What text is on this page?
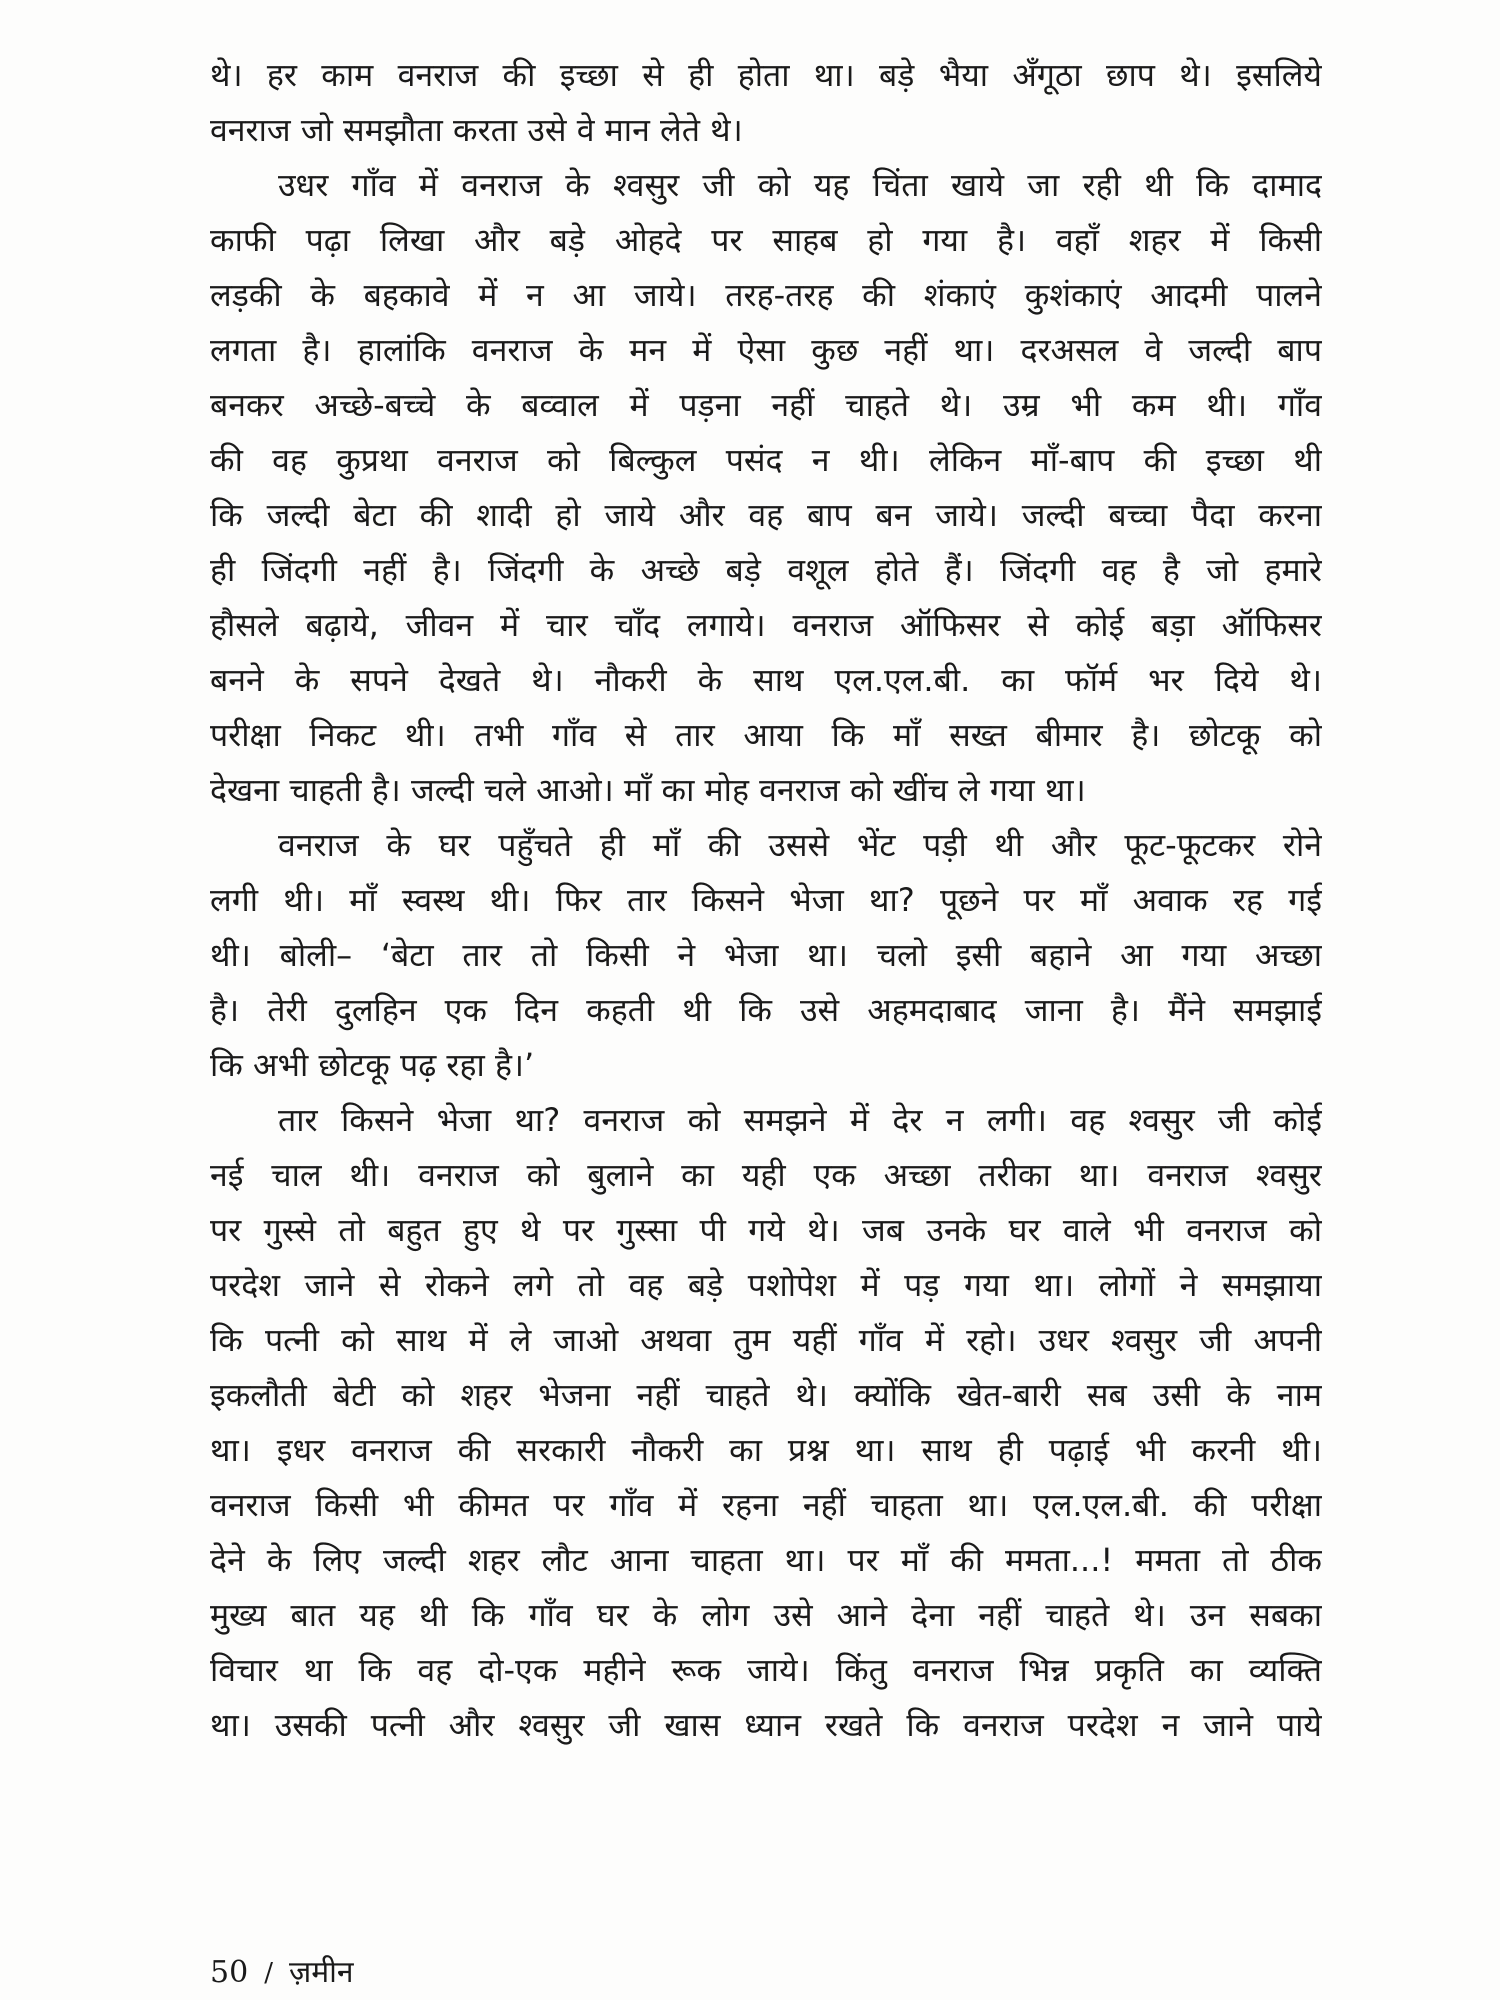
थे। हर काम वनराज की इच्छा से ही होता था। बड़े भैया अँगूठा छाप थे। इसलिये
वनराज जो समझौता करता उसे वे मान लेते थे।
उधर गाँव में वनराज के श्वसुर जी को यह चिंता खाये जा रही थी कि दामाद
काफी पढ़ा लिखा और बड़े ओहदे पर साहब हो गया है। वहाँ शहर में किसी
लड़की के बहकावे में न आ जाये। तरह-तरह की शंकाएं कुशंकाएं आदमी पालने
लगता है। हालांकि वनराज के मन में ऐसा कुछ नहीं था। दरअसल वे जल्दी बाप
बनकर अच्छे-बच्चे के बव्वाल में पड़ना नहीं चाहते थे। उम्र भी कम थी। गाँव
की वह कुप्रथा वनराज को बिल्कुल पसंद न थी। लेकिन माँ-बाप की इच्छा थी
कि जल्दी बेटा की शादी हो जाये और वह बाप बन जाये। जल्दी बच्चा पैदा करना
ही जिंदगी नहीं है। जिंदगी के अच्छे बड़े वशूल होते हैं। जिंदगी वह है जो हमारे
हौसले बढ़ाये, जीवन में चार चाँद लगाये। वनराज ऑफिसर से कोई बड़ा ऑफिसर
बनने के सपने देखते थे। नौकरी के साथ एल.एल.बी. का फॉर्म भर दिये थे।
परीक्षा निकट थी। तभी गाँव से तार आया कि माँ सख्त बीमार है। छोटकू को
देखना चाहती है। जल्दी चले आओ। माँ का मोह वनराज को खींच ले गया था।
वनराज के घर पहुँचते ही माँ की उससे भेंट पड़ी थी और फूट-फूटकर रोने
लगी थी। माँ स्वस्थ थी। फिर तार किसने भेजा था? पूछने पर माँ अवाक रह गई
थी। बोली– ‘बेटा तार तो किसी ने भेजा था। चलो इसी बहाने आ गया अच्छा
है। तेरी दुलहिन एक दिन कहती थी कि उसे अहमदाबाद जाना है। मैंने समझाई
कि अभी छोटकू पढ़ रहा है।’
तार किसने भेजा था? वनराज को समझने में देर न लगी। वह श्वसुर जी कोई
नई चाल थी। वनराज को बुलाने का यही एक अच्छा तरीका था। वनराज श्वसुर
पर गुस्से तो बहुत हुए थे पर गुस्सा पी गये थे। जब उनके घर वाले भी वनराज को
परदेश जाने से रोकने लगे तो वह बड़े पशोपेश में पड़ गया था। लोगों ने समझाया
कि पत्नी को साथ में ले जाओ अथवा तुम यहीं गाँव में रहो। उधर श्वसुर जी अपनी
इकलौती बेटी को शहर भेजना नहीं चाहते थे। क्योंकि खेत-बारी सब उसी के नाम
था। इधर वनराज की सरकारी नौकरी का प्रश्न था। साथ ही पढ़ाई भी करनी थी।
वनराज किसी भी कीमत पर गाँव में रहना नहीं चाहता था। एल.एल.बी. की परीक्षा
देने के लिए जल्दी शहर लौट आना चाहता था। पर माँ की ममता...! ममता तो ठीक
मुख्य बात यह थी कि गाँव घर के लोग उसे आने देना नहीं चाहते थे। उन सबका
विचार था कि वह दो-एक महीने रूक जाये। किंतु वनराज भिन्न प्रकृति का व्यक्ति
था। उसकी पत्नी और श्वसुर जी खास ध्यान रखते कि वनराज परदेश न जाने पाये
50 / ज़मीन
